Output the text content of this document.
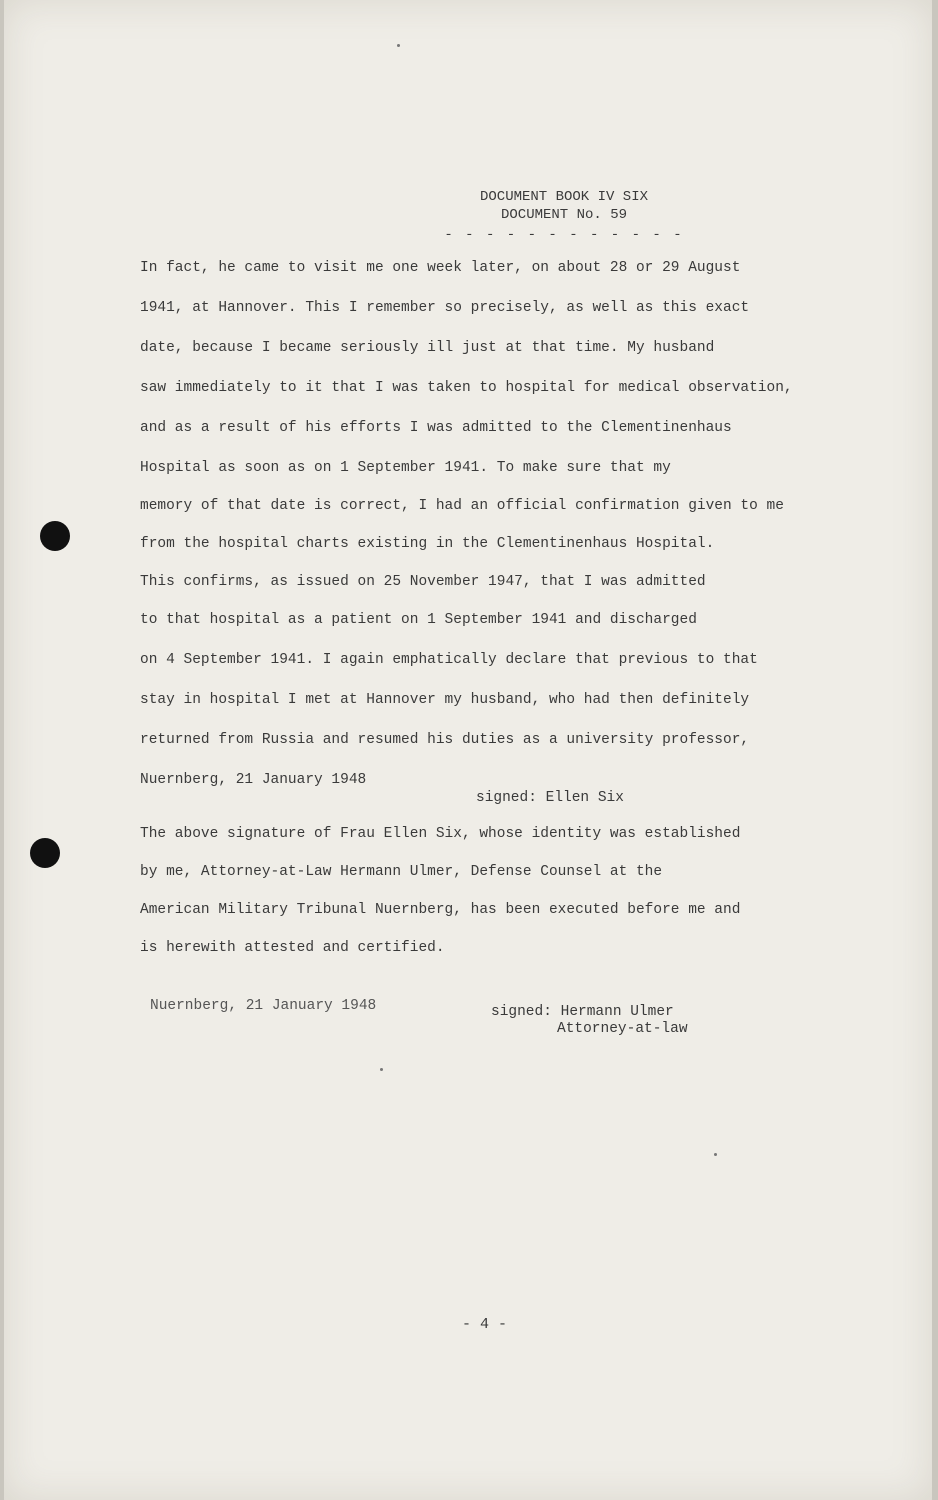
DOCUMENT BOOK IV SIX
DOCUMENT No. 59
- - - - - - - - - - - -
In fact, he came to visit me one week later, on about 28 or 29 August
1941, at Hannover. This I remember so precisely, as well as this exact
date, because I became seriously ill just at that time. My husband
saw immediately to it that I was taken to hospital for medical observation,
and as a result of his efforts I was admitted to the Clementinenhaus
Hospital as soon as on 1 September 1941. To make sure that my
memory of that date is correct, I had an official confirmation given to me
from the hospital charts existing in the Clementinenhaus Hospital.
This confirms, as issued on 25 November 1947, that I was admitted
to that hospital as a patient on 1 September 1941 and discharged
on 4 September 1941. I again emphatically declare that previous to that
stay in hospital I met at Hannover my husband, who had then definitely
returned from Russia and resumed his duties as a university professor,
Nuernberg, 21 January 1948
The above signature of Frau Ellen Six, whose identity was established
by me, Attorney-at-Law Hermann Ulmer, Defense Counsel at the
American Military Tribunal Nuernberg, has been executed before me and
is herewith attested and certified.
signed: Ellen Six
Nuernberg, 21 January 1948	signed: Hermann Ulmer
Attorney-at-law
- 4 -
